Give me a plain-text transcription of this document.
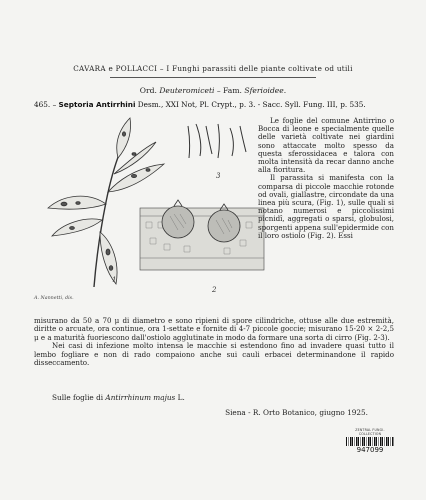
CAVARA e POLLACCI – I Funghi parassiti delle piante coltivate od utili
Ord. Deuteromiceti – Fam. Sferioidee.
465. – Septoria Antirrhini Desm., XXI Not, Pl. Crypt., p. 3. - Sacc. Syll. Fung. III, p. 535.
1
2
3
A. Nannetti, dis.

Le foglie del comune Antirrino o Bocca di leone e specialmente quelle delle varietà coltivate nei giardini sono attaccate molto spesso da questa sferossidacea e talora con molta intensità da recar danno anche alla fioritura.

Il parassita si manifesta con la comparsa di piccole macchie rotonde od ovali, giallastre, circondate da una linea più scura, (Fig. 1), sulle quali si notano numerosi e piccolissimi picnidî, aggregati o sparsi, globulosi, sporgenti appena sull'epidermide con il loro ostiolo (Fig. 2). Essi

misurano da 50 a 70 μ di diametro e sono ripieni di spore cilindriche, ottuse alle due estremità, diritte o arcuate, ora continue, ora 1-settate e fornite di 4-7 piccole goccie; misurano 15-20 × 2-2,5 μ e a maturità fuoriescono dall'ostiolo agglutinate in modo da formare una sorta di cirro (Fig. 2-3).

Nei casi di infezione molto intensa le macchie si estendono fino ad invadere quasi tutto il lembo fogliare e non di rado compaiono anche sui cauli erbacei determinandone il rapido disseccamento.

Sulle foglie di Antirrhinum majus L.
Siena - R. Orto Botanico, giugno 1925.
ZENTRAL FUNGI-COLLECTION
947099
